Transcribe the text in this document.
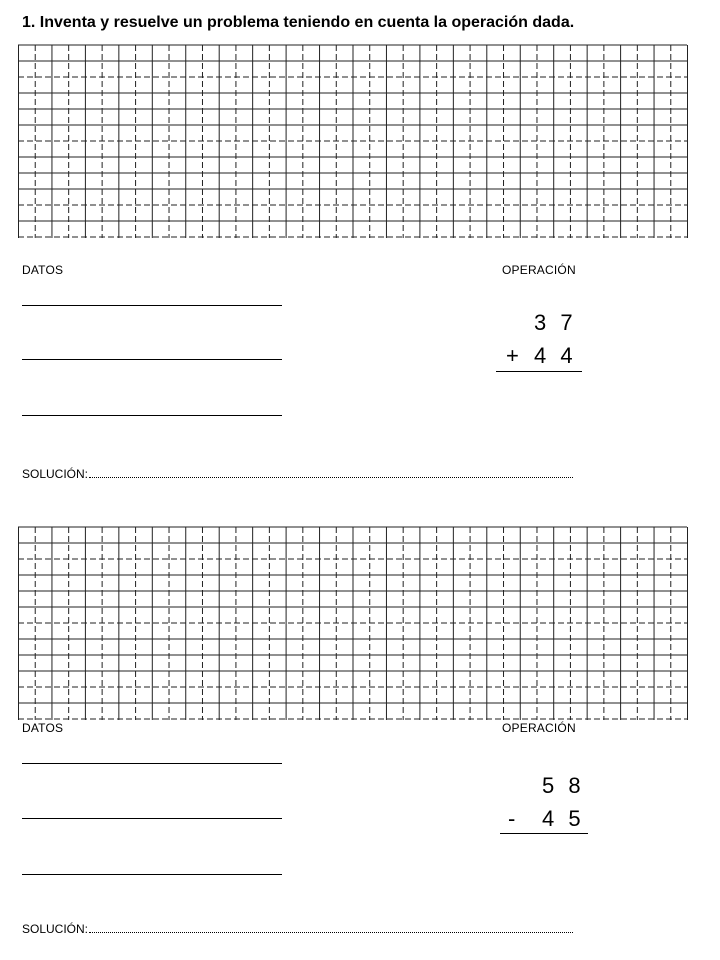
1. Inventa y resuelve un problema teniendo en cuenta la operación dada.
DATOS	OPERACIÓN
3 7
+ 4 4
SOLUCIÓN:
DATOS	OPERACIÓN
5 8
- 4 5
SOLUCIÓN:
